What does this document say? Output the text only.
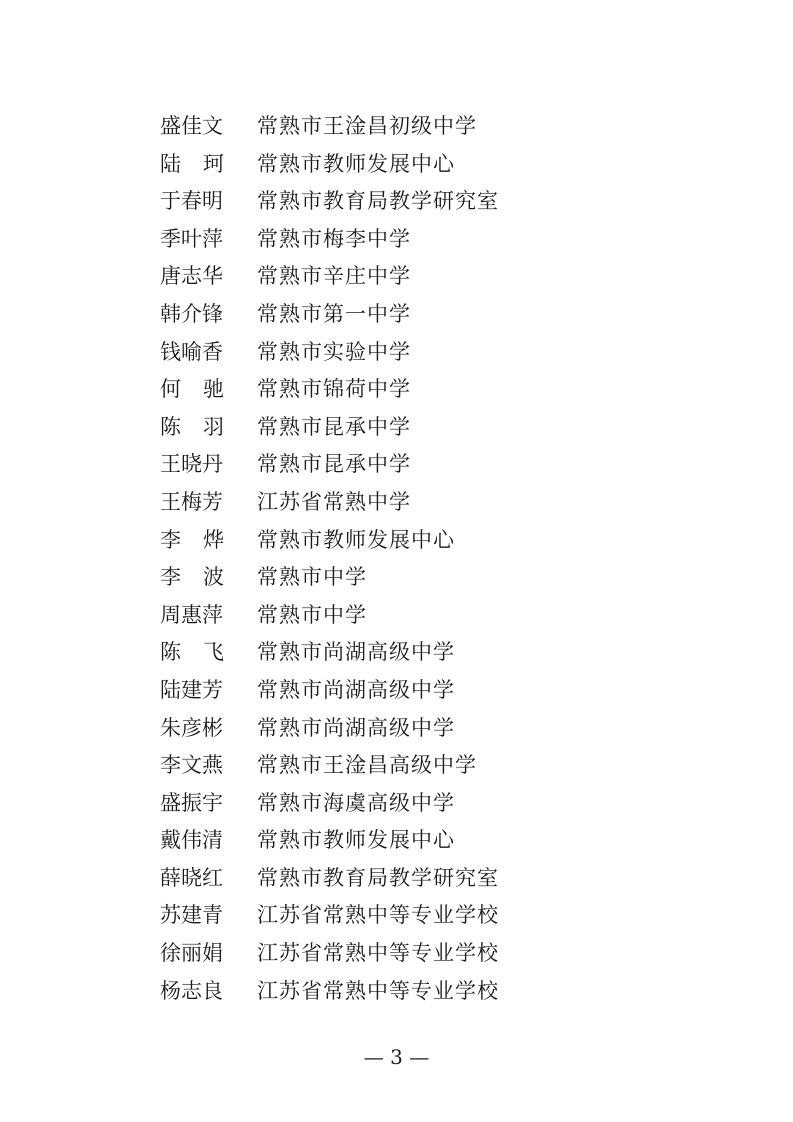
盛佳文 常熟市王淦昌初级中学
陆 珂 常熟市教师发展中心
于春明 常熟市教育局教学研究室
季叶萍 常熟市梅李中学
唐志华 常熟市辛庄中学
韩介锋 常熟市第一中学
钱喻香 常熟市实验中学
何 驰 常熟市锦荷中学
陈 羽 常熟市昆承中学
王晓丹 常熟市昆承中学
王梅芳 江苏省常熟中学
李 烨 常熟市教师发展中心
李 波 常熟市中学
周惠萍 常熟市中学
陈 飞 常熟市尚湖高级中学
陆建芳 常熟市尚湖高级中学
朱彦彬 常熟市尚湖高级中学
李文燕 常熟市王淦昌高级中学
盛振宇 常熟市海虞高级中学
戴伟清 常熟市教师发展中心
薛晓红 常熟市教育局教学研究室
苏建青 江苏省常熟中等专业学校
徐丽娟 江苏省常熟中等专业学校
杨志良 江苏省常熟中等专业学校
— 3 —
